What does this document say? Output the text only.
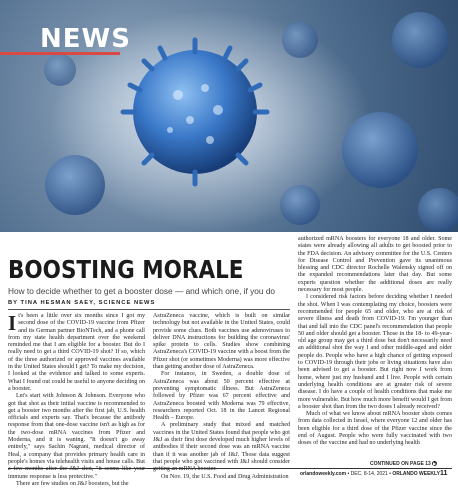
NEWS
BOOSTING MORALE
How to decide whether to get a booster dose — and which one, if you do
BY TINA HESMAN SAEY, SCIENCE NEWS

It's been a little over six months since I got my second dose of the COVID-19 vaccine from Pfizer and its German partner BioNTech, and a phone call from my state health department over the weekend reminded me that I am eligible for a booster. But do I really need to get a third COVID-19 shot? If so, which of the three authorized or approved vaccines available in the United States should I get? To make my decision, I looked at the evidence and talked to some experts. What I found out could be useful to anyone deciding on a booster.

Let's start with Johnson & Johnson. Everyone who got that shot as their initial vaccine is recommended to get a booster two months after the first jab, U.S. health officials and experts say. That's because the antibody response from that one-dose vaccine isn't as high as for the two-dose mRNA vaccines from Pfizer and Moderna, and it is waning. "It doesn't go away entirely," says Sachin Nagrani, medical director of Heal, a company that provides primary health care in people's homes via telehealth visits and house calls. But a few months after the J&J shot, "it seems like your immune response is less protective."

There are few studies on J&J boosters, but the

AstraZeneca vaccine, which is built on similar technology but not available in the United States, could provide some clues. Both vaccines use adenoviruses to deliver DNA instructions for building the coronavirus' spike protein to cells. Studies show combining AstraZeneca's COVID-19 vaccine with a boost from the Pfizer shot (or sometimes Moderna) was more effective than getting another dose of AstraZeneca.

For instance, in Sweden, a double dose of AstraZeneca was about 50 percent effective at preventing symptomatic illness. But AstraZeneca followed by Pfizer was 67 percent effective and AstraZeneca boosted with Moderna was 79 effective, researchers reported Oct. 18 in the Lancet Regional Health – Europe.

A preliminary study that mixed and matched vaccines in the United States found that people who got J&J as their first dose developed much higher levels of antibodies if their second dose was an mRNA vaccine than if it was another jab of J&J. Those data suggest that people who got vaccined with J&J should consider getting an mRNA booster.

On Nov. 19, the U.S. Food and Drug Administration

authorized mRNA boosters for everyone 18 and older. Some states were already allowing all adults to get boosted prior to the FDA decision. An advisory committee for the U.S. Centers for Disease Control and Prevention gave its unanimous blessing and CDC director Rochelle Walensky signed off on the expanded recommendations later that day. But some experts question whether the additional doses are really necessary for most people.

I considered risk factors before deciding whether I needed the shot. When I was contemplating my choice, boosters were recommended for people 65 and older, who are at risk of severe illness and death from COVID-19. I'm younger than that and fall into the CDC panel's recommendation that people 50 and older should get a booster. Those in the 18- to 49-year-old age group may get a third dose but don't necessarily need an additional shot the way I and other middle-aged and older people do. People who have a high chance of getting exposed to COVID-19 through their jobs or living situations have also been advised to get a booster. But right now I work from home, where just my husband and I live. People with certain underlying health conditions are at greater risk of severe disease. I do have a couple of health conditions that make me more vulnerable. But how much more benefit would I get from a booster shot than from the two doses I already received?

Much of what we know about mRNA booster shots comes from data collected in Israel, where everyone 12 and older has been eligible for a third dose of the Pfizer vaccine since the end of August. People who were fully vaccinated with two doses of the vaccine and had no underlying health

CONTINUED ON PAGE 13 ▶
orlandoweekly.com • DEC. 8-14, 2021 • ORLANDO WEEKLY 11
